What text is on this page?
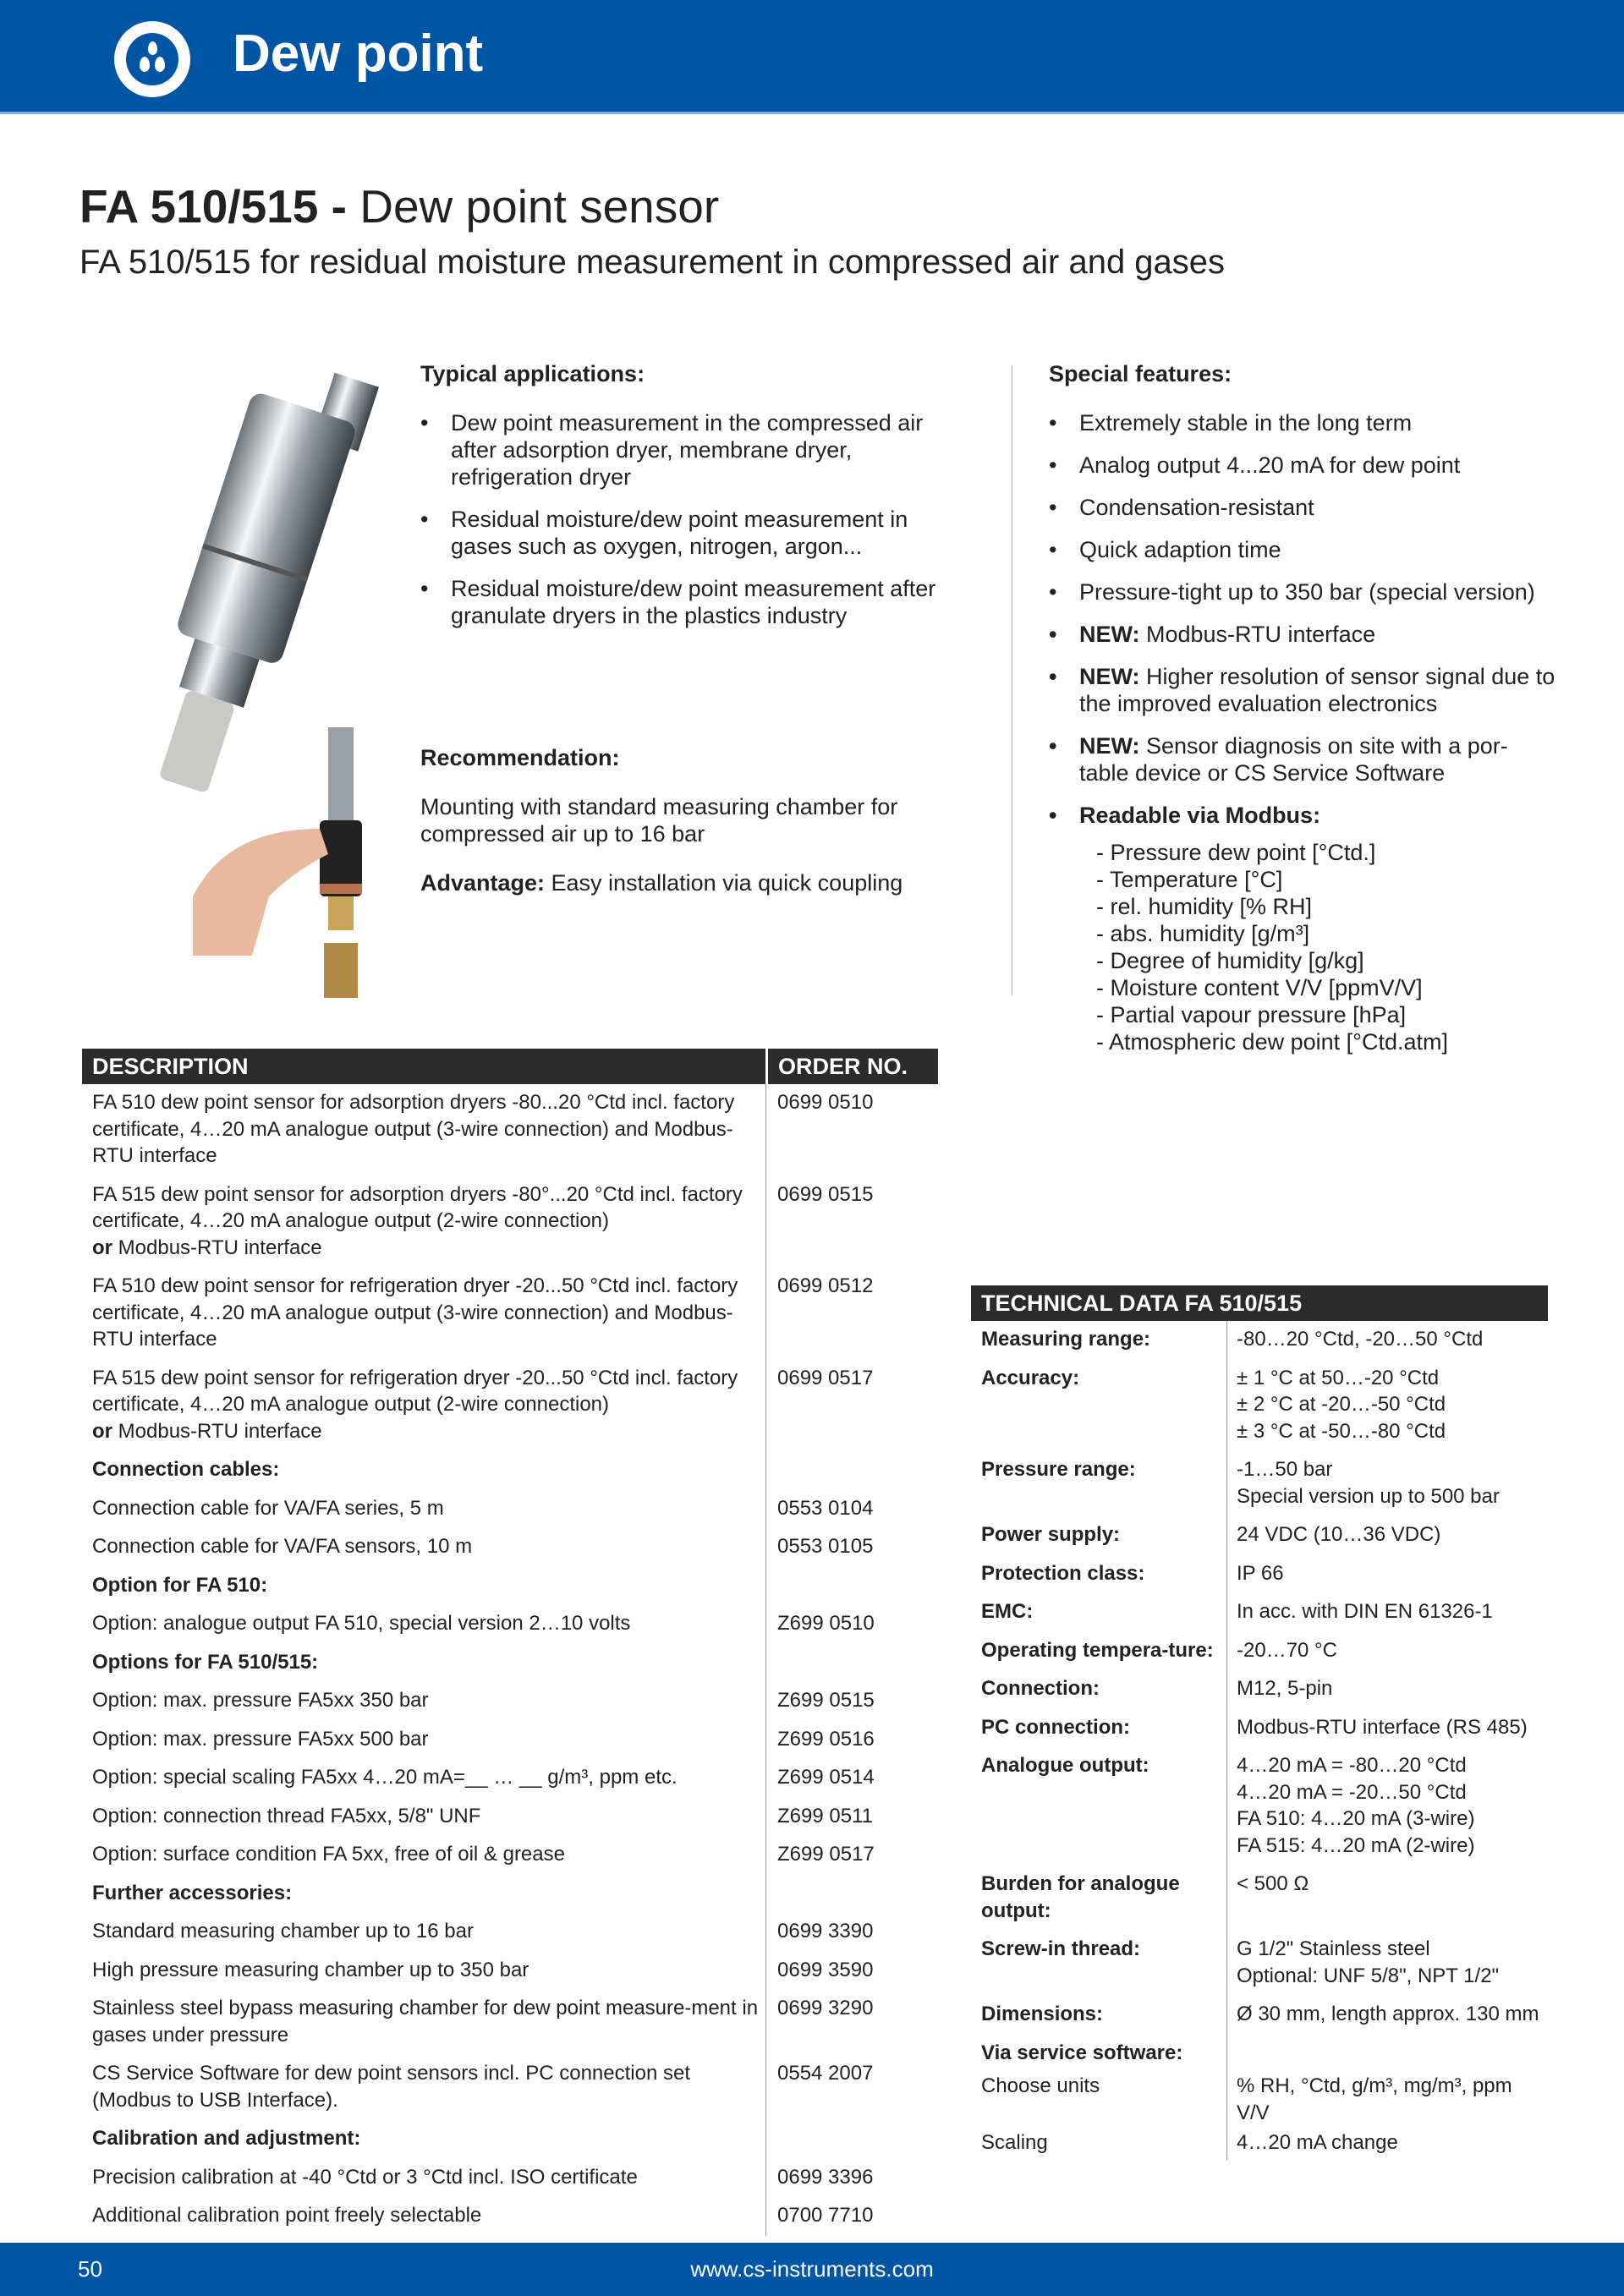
Dew point
FA 510/515 - Dew point sensor
FA 510/515 for residual moisture measurement in compressed air and gases
Typical applications:
• Dew point measurement in the compressed air after adsorption dryer, membrane dryer, refrigeration dryer
• Residual moisture/dew point measurement in gases such as oxygen, nitrogen, argon...
• Residual moisture/dew point measurement after granulate dryers in the plastics industry
Recommendation:

Mounting with standard measuring chamber for compressed air up to 16 bar

Advantage: Easy installation via quick coupling

Special features:
• Extremely stable in the long term
• Analog output 4...20 mA for dew point
• Condensation-resistant
• Quick adaption time
• Pressure-tight up to 350 bar (special version)
• NEW: Modbus-RTU interface
• NEW: Higher resolution of sensor signal due to the improved evaluation electronics
• NEW: Sensor diagnosis on site with a por-table device or CS Service Software
• Readable via Modbus:
- Pressure dew point [°Ctd.]
- Temperature [°C]
- rel. humidity [% RH]
- abs. humidity [g/m³]
- Degree of humidity [g/kg]
- Moisture content V/V [ppmV/V]
- Partial vapour pressure [hPa]
- Atmospheric dew point [°Ctd.atm]
DESCRIPTION	ORDER NO.
FA 510 dew point sensor for adsorption dryers -80...20 °Ctd incl. factory certificate, 4…20 mA analogue output (3-wire connection) and Modbus-RTU interface
0699 0510
FA 515 dew point sensor for adsorption dryers -80°...20 °Ctd incl. factory certificate, 4…20 mA analogue output (2-wire connection)
or Modbus-RTU interface
0699 0515
FA 510 dew point sensor for refrigeration dryer -20...50 °Ctd incl. factory certificate, 4…20 mA analogue output (3-wire connection) and Modbus-RTU interface
0699 0512
FA 515 dew point sensor for refrigeration dryer -20...50 °Ctd incl. factory certificate, 4…20 mA analogue output (2-wire connection)
or Modbus-RTU interface
0699 0517
Connection cables:
Connection cable for VA/FA series, 5 m	0553 0104
Connection cable for VA/FA sensors, 10 m	0553 0105
Option for FA 510:
Option: analogue output FA 510, special version 2…10 volts	Z699 0510
Options for FA 510/515:
Option: max. pressure FA5xx 350 bar	Z699 0515
Option: max. pressure FA5xx 500 bar	Z699 0516
Option: special scaling FA5xx 4…20 mA=__ … __ g/m³, ppm etc.	Z699 0514
Option: connection thread FA5xx, 5/8" UNF	Z699 0511
Option: surface condition FA 5xx, free of oil & grease	Z699 0517
Further accessories:
Standard measuring chamber up to 16 bar	0699 3390
High pressure measuring chamber up to 350 bar	0699 3590
Stainless steel bypass measuring chamber for dew point measure-ment in gases under pressure
0699 3290
CS Service Software for dew point sensors incl. PC connection set (Modbus to USB Interface).
0554 2007
Calibration and adjustment:
Precision calibration at -40 °Ctd or 3 °Ctd incl. ISO certificate	0699 3396
Additional calibration point freely selectable	0700 7710
TECHNICAL DATA FA 510/515
Measuring range:	-80…20 °Ctd, -20…50 °Ctd
Accuracy:	± 1 °C at 50…-20 °Ctd
± 2 °C at -20…-50 °Ctd
± 3 °C at -50…-80 °Ctd
Pressure range:	-1…50 bar
Special version up to 500 bar
Power supply:	24 VDC (10…36 VDC)
Protection class:	IP 66
EMC:	In acc. with DIN EN 61326-1
Operating tempera-ture:	-20…70 °C
Connection:	M12, 5-pin
PC connection:	Modbus-RTU interface (RS 485)
Analogue output:	4…20 mA = -80…20 °Ctd
4…20 mA = -20…50 °Ctd
FA 510: 4…20 mA (3-wire)
FA 515: 4…20 mA (2-wire)
Burden for analogue output:
< 500 Ω
Screw-in thread:	G 1/2" Stainless steel
Optional: UNF 5/8", NPT 1/2"
Dimensions:	Ø 30 mm, length approx. 130 mm
Via service software:
Choose units	% RH, °Ctd, g/m³, mg/m³, ppm V/V
Scaling	4…20 mA change
50	www.cs-instruments.com
